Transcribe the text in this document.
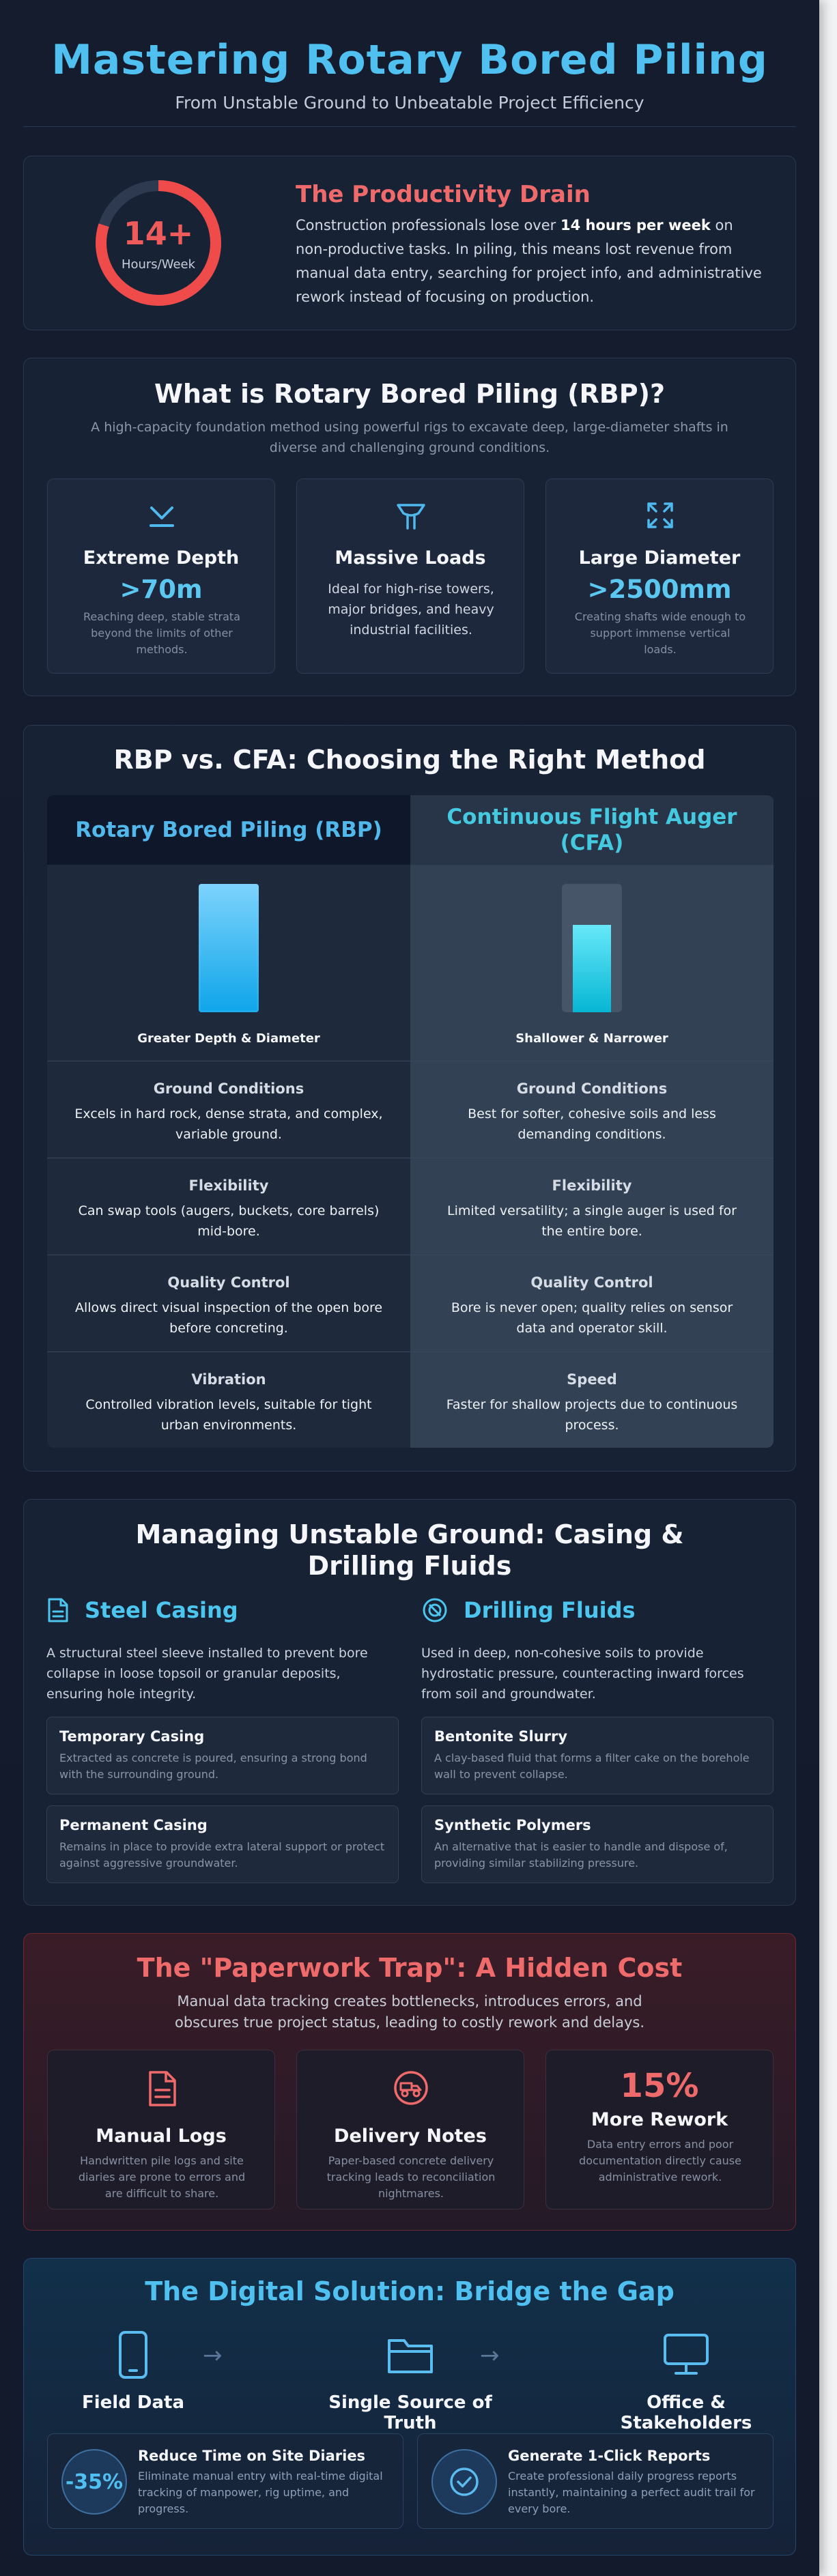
Mastering Rotary Bored Piling
From Unstable Ground to Unbeatable Project Efficiency
14+
Hours/Week
The Productivity Drain
Construction professionals lose over 14 hours per week on non-productive tasks. In piling, this means lost revenue from manual data entry, searching for project info, and administrative rework instead of focusing on production.
What is Rotary Bored Piling (RBP)?
A high-capacity foundation method using powerful rigs to excavate deep, large-diameter shafts in diverse and challenging ground conditions.
Extreme Depth
>70m
Reaching deep, stable strata beyond the limits of other methods.
Massive Loads
Ideal for high-rise towers, major bridges, and heavy industrial facilities.
Large Diameter
>2500mm
Creating shafts wide enough to support immense vertical loads.
RBP vs. CFA: Choosing the Right Method
Rotary Bored Piling (RBP)
Greater Depth & Diameter
Ground Conditions
Excels in hard rock, dense strata, and complex, variable ground.
Flexibility
Can swap tools (augers, buckets, core barrels) mid-bore.
Quality Control
Allows direct visual inspection of the open bore before concreting.
Vibration
Controlled vibration levels, suitable for tight urban environments.
Continuous Flight Auger (CFA)
Shallower & Narrower
Ground Conditions
Best for softer, cohesive soils and less demanding conditions.
Flexibility
Limited versatility; a single auger is used for the entire bore.
Quality Control
Bore is never open; quality relies on sensor data and operator skill.
Speed
Faster for shallow projects due to continuous process.
Managing Unstable Ground: Casing & Drilling Fluids
Steel Casing
A structural steel sleeve installed to prevent bore collapse in loose topsoil or granular deposits, ensuring hole integrity.
Temporary Casing
Extracted as concrete is poured, ensuring a strong bond with the surrounding ground.
Permanent Casing
Remains in place to provide extra lateral support or protect against aggressive groundwater.
Drilling Fluids
Used in deep, non-cohesive soils to provide hydrostatic pressure, counteracting inward forces from soil and groundwater.
Bentonite Slurry
A clay-based fluid that forms a filter cake on the borehole wall to prevent collapse.
Synthetic Polymers
An alternative that is easier to handle and dispose of, providing similar stabilizing pressure.
The "Paperwork Trap": A Hidden Cost
Manual data tracking creates bottlenecks, introduces errors, and obscures true project status, leading to costly rework and delays.
Manual Logs
Handwritten pile logs and site diaries are prone to errors and are difficult to share.
Delivery Notes
Paper-based concrete delivery tracking leads to reconciliation nightmares.
15%
More Rework
Data entry errors and poor documentation directly cause administrative rework.
The Digital Solution: Bridge the Gap
Field Data
→
Single Source of Truth
→
Office & Stakeholders
-35%
Reduce Time on Site Diaries
Eliminate manual entry with real-time digital tracking of manpower, rig uptime, and progress.
Generate 1-Click Reports
Create professional daily progress reports instantly, maintaining a perfect audit trail for every bore.
